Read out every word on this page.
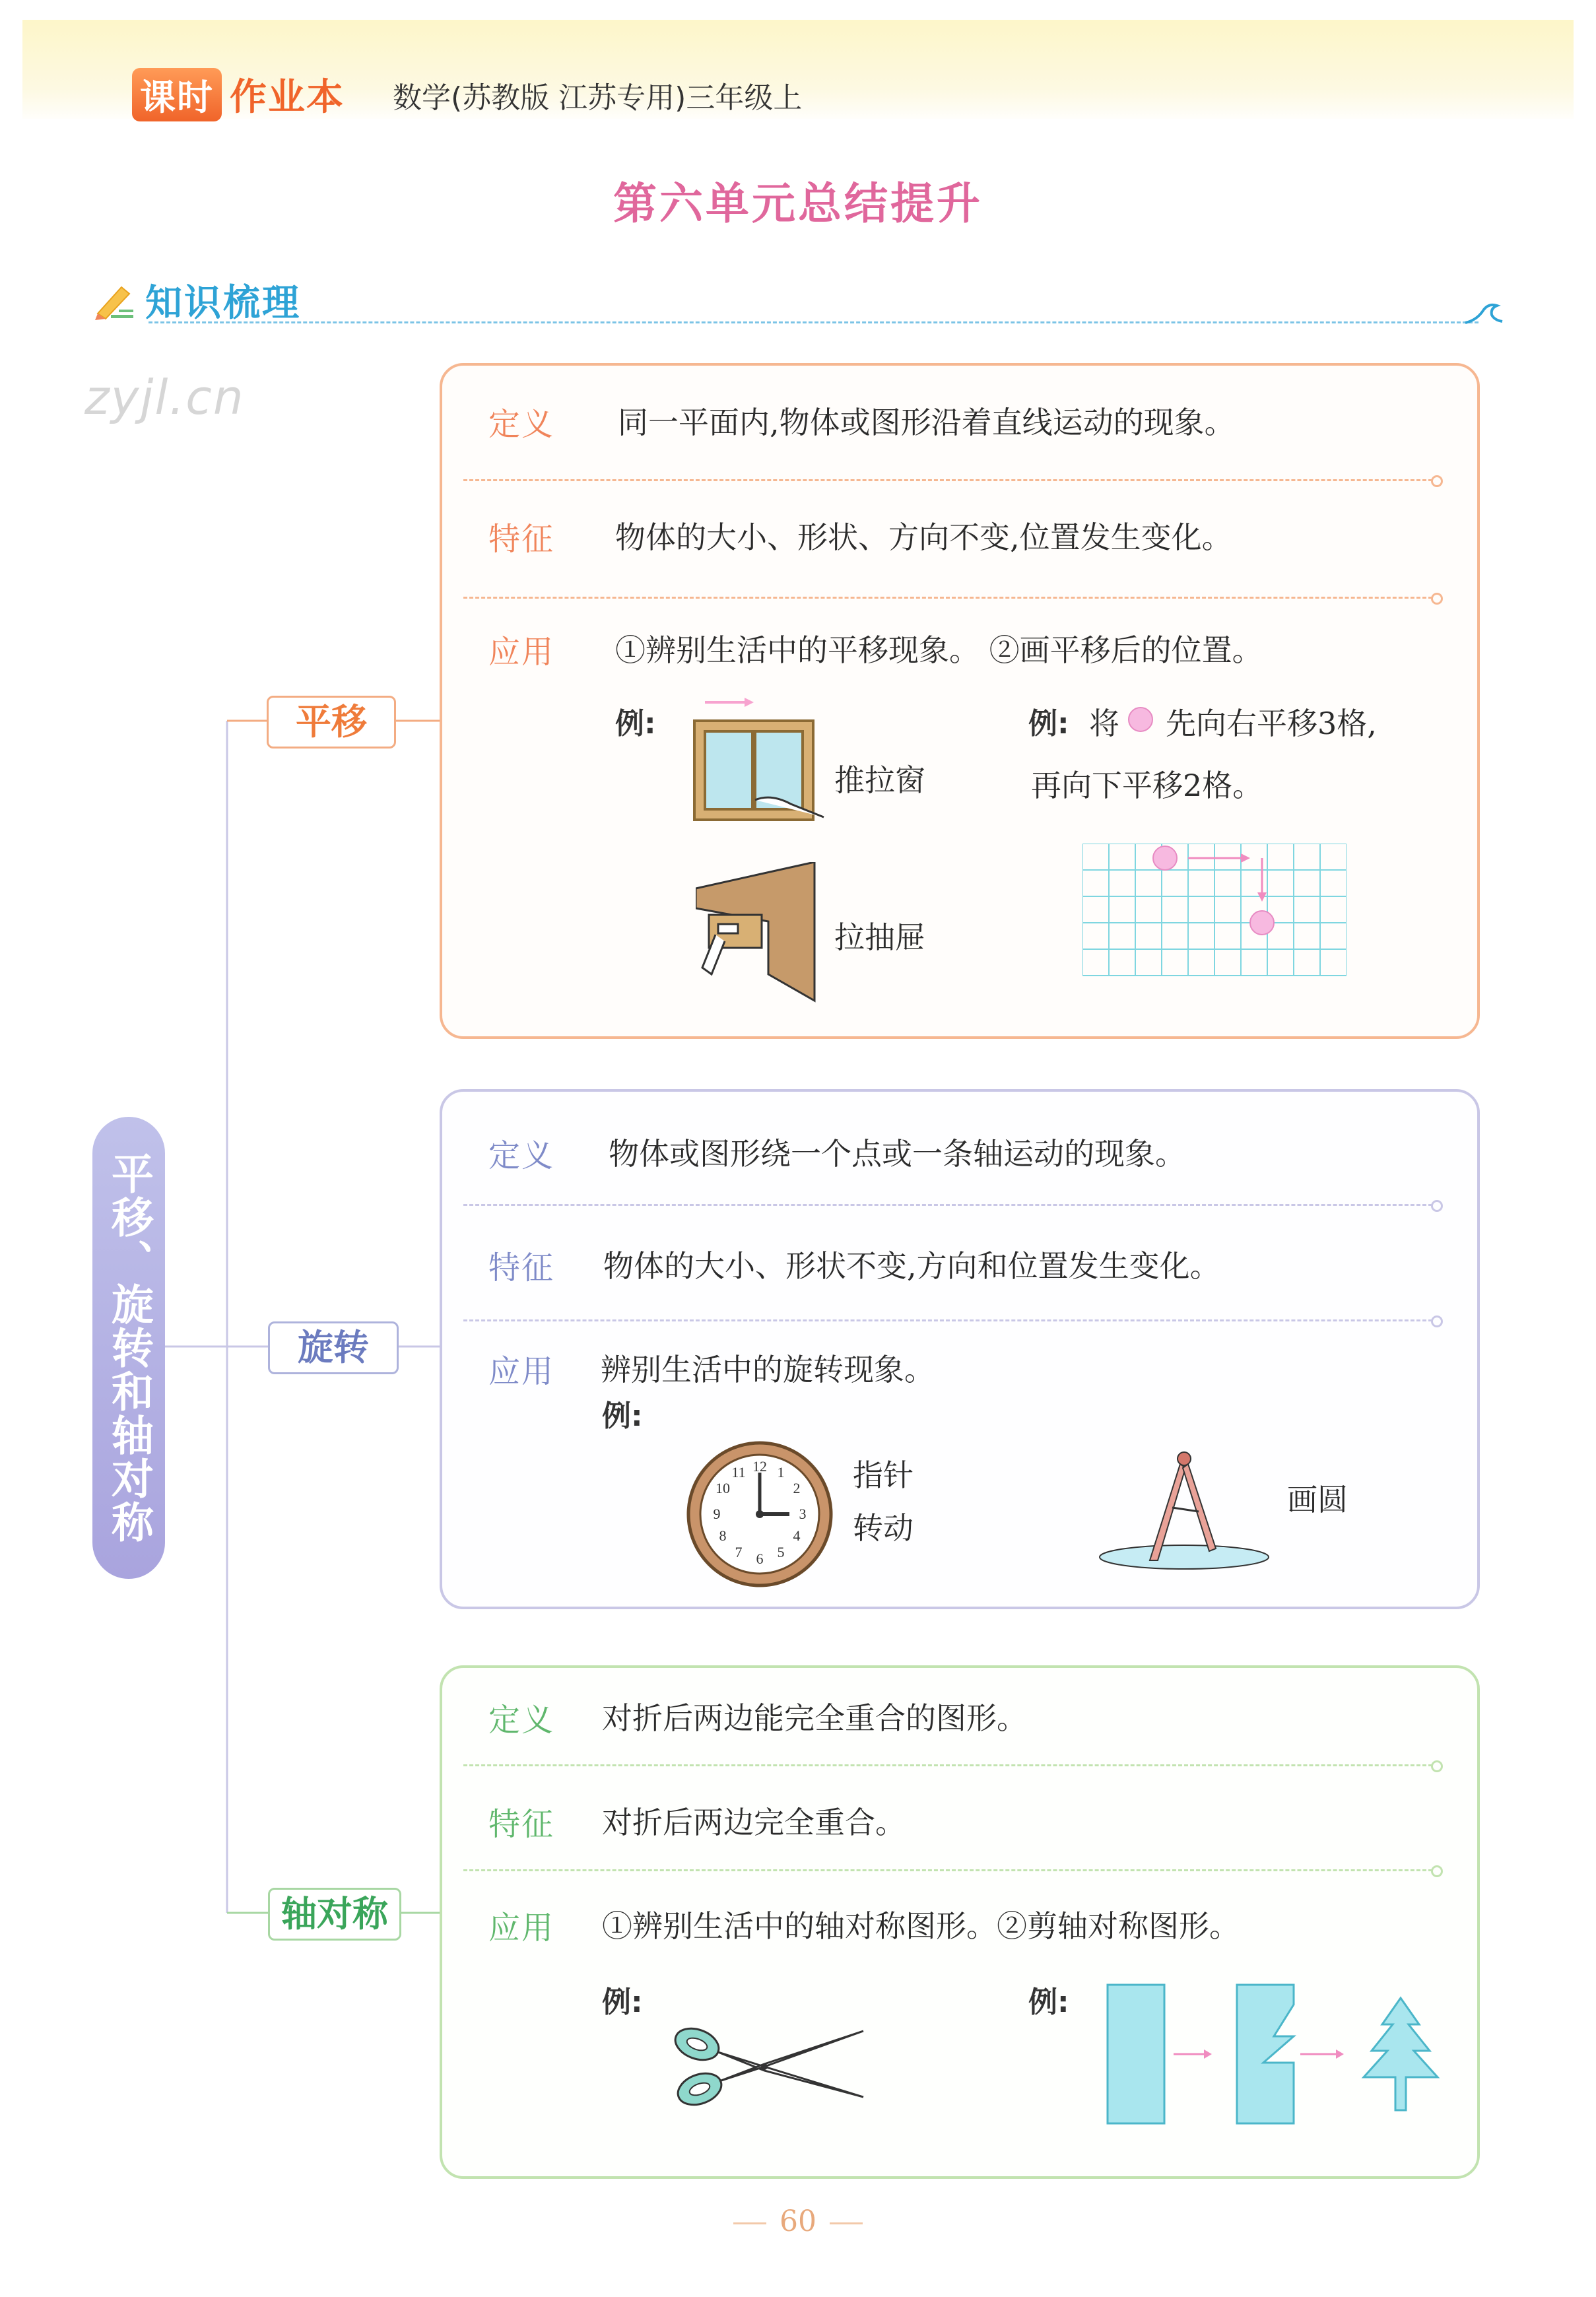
课时 作业本 数学(苏教版 江苏专用)三年级上
第六单元总结提升
知识梳理
zyjl.cn
平移、旋转和轴对称
平移
旋转
轴对称
定义 同一平面内,物体或图形沿着直线运动的现象。
特征 物体的大小、形状、方向不变,位置发生变化。
应用 ①辨别生活中的平移现象。 ②画平移后的位置。
例:
推拉窗
拉抽屉
例: 将 先向右平移3格,
再向下平移2格。
定义 物体或图形绕一个点或一条轴运动的现象。
特征 物体的大小、形状不变,方向和位置发生变化。
应用 辨别生活中的旋转现象。
例:
12 1
2
3
4
5
6
7
8
9
10
11	指针
转动
画圆
定义 对折后两边能完全重合的图形。
特征 对折后两边完全重合。
应用 ①辨别生活中的轴对称图形。②剪轴对称图形。
例:	例:
60
